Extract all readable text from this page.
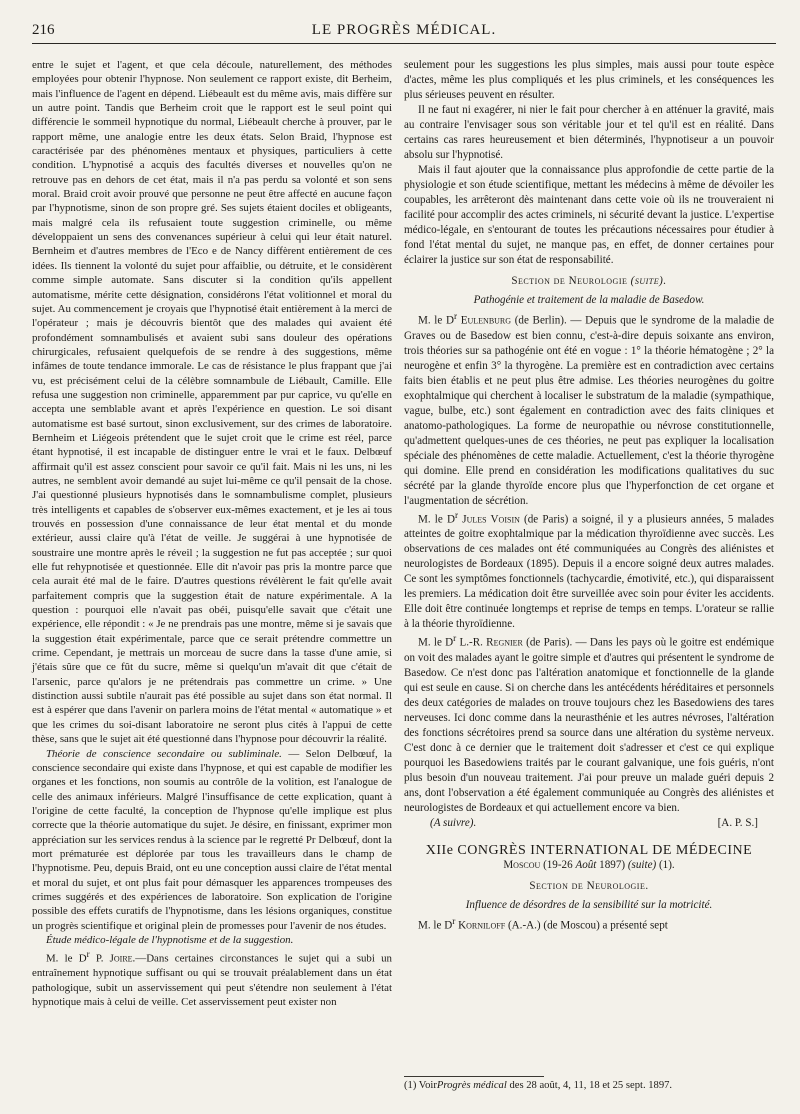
216	LE PROGRÈS MÉDICAL.

entre le sujet et l'agent, et que cela découle, naturellement, des méthodes employées pour obtenir l'hypnose. Non seulement ce rapport existe, dit Berheim, mais l'influence de l'agent en dépend. Liébeault est du même avis, mais diffère sur un autre point. Tandis que Berheim croit que le rapport est le seul point qui différencie le sommeil hypnotique du normal, Liébeault cherche à prouver, par le rapport même, une analogie entre les deux états. Selon Braid, l'hypnose est caractérisée par des phénomènes mentaux et physiques, particuliers à cette condition. L'hypnotisé a acquis des facultés diverses et nouvelles qu'on ne retrouve pas en dehors de cet état, mais il n'a pas perdu sa volonté et son sens moral. Braid croit avoir prouvé que personne ne peut être affecté en aucune façon par l'hypnotisme, sinon de son propre gré. Ses sujets étaient dociles et obligeants, mais malgré cela ils refusaient toute suggestion criminelle, ou même développaient un sens des convenances supérieur à celui qui leur était naturel. Bernheim et d'autres membres de l'Eco e de Nancy diffèrent entièrement de ces idées. Ils tiennent la volonté du sujet pour affaiblie, ou détruite, et le considèrent comme simple automate. Sans discuter si la condition qu'ils appellent automatisme, mérite cette désignation, considérons l'état volitionnel et moral du sujet. Au commencement je croyais que l'hypnotisé était entièrement à la merci de l'opérateur ; mais je découvris bientôt que des malades qui avaient été profondément somnambulisés et avaient subi sans douleur des opérations chirurgicales, refusaient quelquefois de se rendre à des suggestions, même infâmes de toute tendance immorale. Le cas de résistance le plus frappant que j'ai vu, est précisément celui de la célèbre somnambule de Liébault, Camille. Elle refusa une suggestion non criminelle, apparemment par pur caprice, vu qu'elle en accepta une semblable avant et après l'expérience en question. Le soi disant automatisme est basé surtout, sinon exclusivement, sur des crimes de laboratoire. Bernheim et Liégeois prétendent que le sujet croit que le crime est réel, parce étant hypnotisé, il est incapable de distinguer entre le vrai et le faux. Delbœuf affirmait qu'il est assez conscient pour savoir ce qu'il fait. Mais ni les uns, ni les autres, ne semblent avoir demandé au sujet lui-même ce qu'il pensait de la chose. J'ai questionné plusieurs hypnotisés dans le somnambulisme complet, plusieurs très intelligents et capables de s'observer eux-mêmes exactement, et je les ai tous trouvés en possession d'une connaissance de leur état mental et du monde extérieur, aussi claire qu'à l'état de veille. Je suggérai à une hypnotisée de soustraire une montre après le réveil ; la suggestion ne fut pas acceptée ; sur quoi elle fut rehypnotisée et questionnée. Elle dit n'avoir pas pris la montre parce que cela aurait été mal de le faire. D'autres questions révélèrent le fait qu'elle avait parfaitement compris que la suggestion était de nature expérimentale. A la question : pourquoi elle n'avait pas obéi, puisqu'elle savait que c'était une expérience, elle répondit : « Je ne prendrais pas une montre, même si je savais que la suggestion était expérimentale, parce que ce serait prétendre commettre un crime. Cependant, je mettrais un morceau de sucre dans la tasse d'une amie, si j'étais sûre que ce fût du sucre, même si quelqu'un m'avait dit que c'était de l'arsenic, parce qu'alors je ne prétendrais pas commettre un crime. » Une distinction aussi subtile n'aurait pas été possible au sujet dans son état normal. Il est à espérer que dans l'avenir on parlera moins de l'état mental « automatique » et que les crimes du soi-disant laboratoire ne seront plus cités à l'appui de cette thèse, sans que le sujet ait été questionné dans l'hypnose pour découvrir la réalité.

Théorie de conscience secondaire ou subliminale. — Selon Delbœuf, la conscience secondaire qui existe dans l'hypnose, et qui est capable de modifier les organes et les fonctions, non soumis au contrôle de la volition, est l'analogue de celle des animaux inférieurs. Malgré l'insuffisance de cette explication, quant à l'origine de cette faculté, la conception de l'hypnose qu'elle implique est plus correcte que la théorie automatique du sujet. Je désire, en finissant, exprimer mon appréciation sur les services rendus à la science par le regretté Pr Delbœuf, dont la mort prématurée est déplorée par tous les travailleurs dans le champ de l'hypnotisme. Peu, depuis Braid, ont eu une conception aussi claire de l'état mental et moral du sujet, et ont plus fait pour démasquer les apparences trompeuses des crimes suggérés et des expériences de laboratoire. Son explication de l'origine possible des effets curatifs de l'hypnotisme, dans les lésions organiques, constitue un progrès scientifique et original plein de promesses pour l'avenir de nos études.

Étude médico-légale de l'hypnotisme et de la suggestion.

M. le $D^r$ P. Joire.—Dans certaines circonstances le sujet qui a subi un entraînement hypnotique suffisant ou qui se trouvait préalablement dans un état pathologique, subit un asservissement qui peut s'étendre non seulement à l'état hypnotique mais à celui de veille. Cet asservissement peut exister non

seulement pour les suggestions les plus simples, mais aussi pour toute espèce d'actes, même les plus compliqués et les plus criminels, et les conséquences les plus sérieuses peuvent en résulter.

Il ne faut ni exagérer, ni nier le fait pour chercher à en atténuer la gravité, mais au contraire l'envisager sous son véritable jour et tel qu'il est en réalité. Dans certains cas rares heureusement et bien déterminés, l'hypnotiseur a un pouvoir absolu sur l'hypnotisé.

Mais il faut ajouter que la connaissance plus approfondie de cette partie de la physiologie et son étude scientifique, mettant les médecins à même de dévoiler les coupables, les arrêteront dès maintenant dans cette voie où ils ne trouveraient ni facilité pour accomplir des actes criminels, ni sécurité devant la justice. L'expertise médico-légale, en s'entourant de toutes les précautions nécessaires pour étudier à fond l'état mental du sujet, ne manque pas, en effet, de donner certaines pour éclairer la justice sur son état de responsabilité.

Section de Neurologie (suite).
Pathogénie et traitement de la maladie de Basedow.

M. le $D^r$ Eulenburg (de Berlin). — Depuis que le syndrome de la maladie de Graves ou de Basedow est bien connu, c'est-à-dire depuis soixante ans environ, trois théories sur sa pathogénie ont été en vogue : 1° la théorie hématogène ; 2° la neurogène et enfin 3° la thyrogène. La première est en contradiction avec certains faits bien établis et ne peut plus être admise. Les théories neurogènes du goitre exophtalmique qui cherchent à localiser le substratum de la maladie (sympathique, vague, bulbe, etc.) sont également en contradiction avec des faits cliniques et anatomo-pathologiques. La forme de neuropathie ou névrose constitutionnelle, qu'admettent quelques-unes de ces théories, ne peut pas expliquer la localisation spéciale des phénomènes de cette maladie. Actuellement, c'est la théorie thyrogène qui domine. Elle prend en considération les modifications qualitatives du suc sécrété par la glande thyroïde encore plus que l'hyperfonction de cet organe et l'augmentation de sécrétion.

M. le $D^r$ Jules Voisin (de Paris) a soigné, il y a plusieurs années, 5 malades atteintes de goitre exophtalmique par la médication thyroïdienne avec succès. Les observations de ces malades ont été communiquées au Congrès des aliénistes et neurologistes de Bordeaux (1895). Depuis il a encore soigné deux autres malades. Ce sont les symptômes fonctionnels (tachycardie, émotivité, etc.), qui disparaissent les premiers. La médication doit être surveillée avec soin pour éviter les accidents. Elle doit être continuée longtemps et reprise de temps en temps. L'orateur se rallie à la théorie thyroïdienne.

M. le $D^r$ L.-R. Regnier (de Paris). — Dans les pays où le goitre est endémique on voit des malades ayant le goitre simple et d'autres qui présentent le syndrome de Basedow. Ce n'est donc pas l'altération anatomique et fonctionnelle de la glande qui est seule en cause. Si on cherche dans les antécédents héréditaires et personnels des deux catégories de malades on trouve toujours chez les Basedowiens des tares nerveuses. Ici donc comme dans la neurasthénie et les autres névroses, l'altération des fonctions sécrétoires prend sa source dans une altération du système nerveux. C'est donc à ce dernier que le traitement doit s'adresser et c'est ce qui explique pourquoi les Basedowiens traités par le courant galvanique, une fois guéris, n'ont plus besoin d'un nouveau traitement. J'ai pour preuve un malade guéri depuis 2 ans, dont l'observation a été également communiquée au Congrès des aliénistes et neurologistes de Bordeaux et qui actuellement encore va bien.

(A suivre).	[A. P. S.]
XIIe CONGRÈS INTERNATIONAL DE MÉDECINE
Moscou (19-26 Août 1897) (suite) (1).
Section de Neurologie.
Influence de désordres de la sensibilité sur la motricité.

M. le $D^r$ Korniloff (A.-A.) (de Moscou) a présenté sept

(1) VoirProgrès médical des 28 août, 4, 11, 18 et 25 sept. 1897.
